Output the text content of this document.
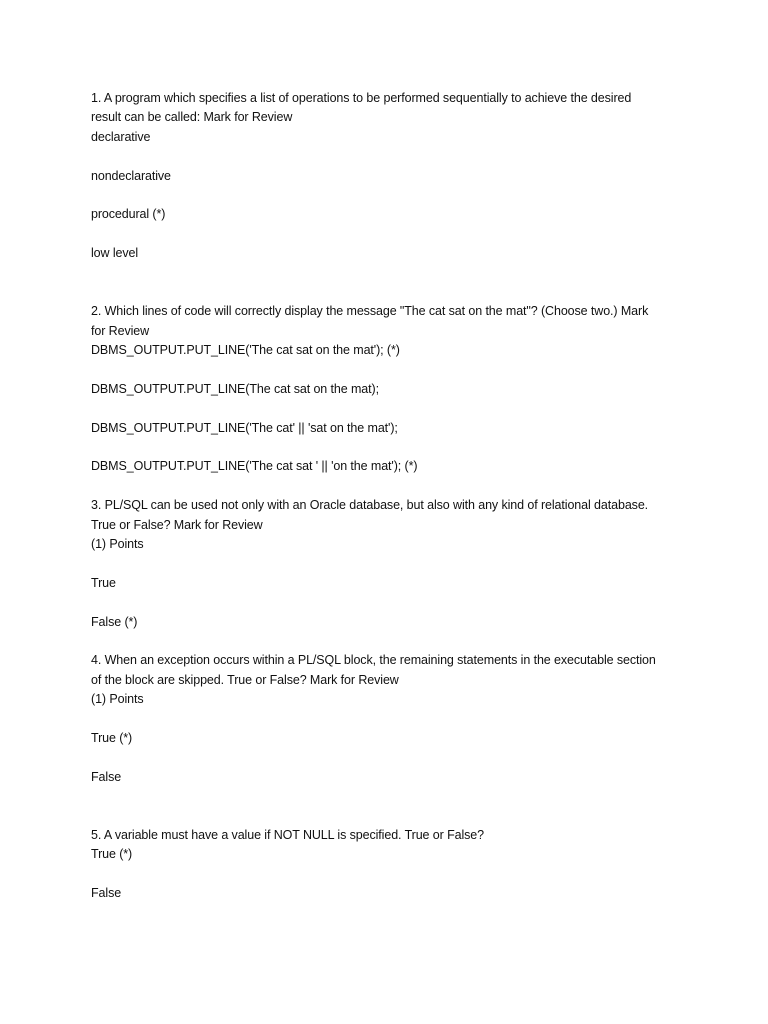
1. A program which specifies a list of operations to be performed sequentially to achieve the desired
result can be called: Mark for Review
declarative
nondeclarative
procedural (*)
low level
2. Which lines of code will correctly display the message "The cat sat on the mat"? (Choose two.) Mark
for Review
DBMS_OUTPUT.PUT_LINE('The cat sat on the mat'); (*)
DBMS_OUTPUT.PUT_LINE(The cat sat on the mat);
DBMS_OUTPUT.PUT_LINE('The cat' || 'sat on the mat');
DBMS_OUTPUT.PUT_LINE('The cat sat ' || 'on the mat'); (*)
3. PL/SQL can be used not only with an Oracle database, but also with any kind of relational database.
True or False? Mark for Review
(1) Points
True
False (*)
4. When an exception occurs within a PL/SQL block, the remaining statements in the executable section
of the block are skipped. True or False? Mark for Review
(1) Points
True (*)
False
5. A variable must have a value if NOT NULL is specified. True or False?
True (*)
False
